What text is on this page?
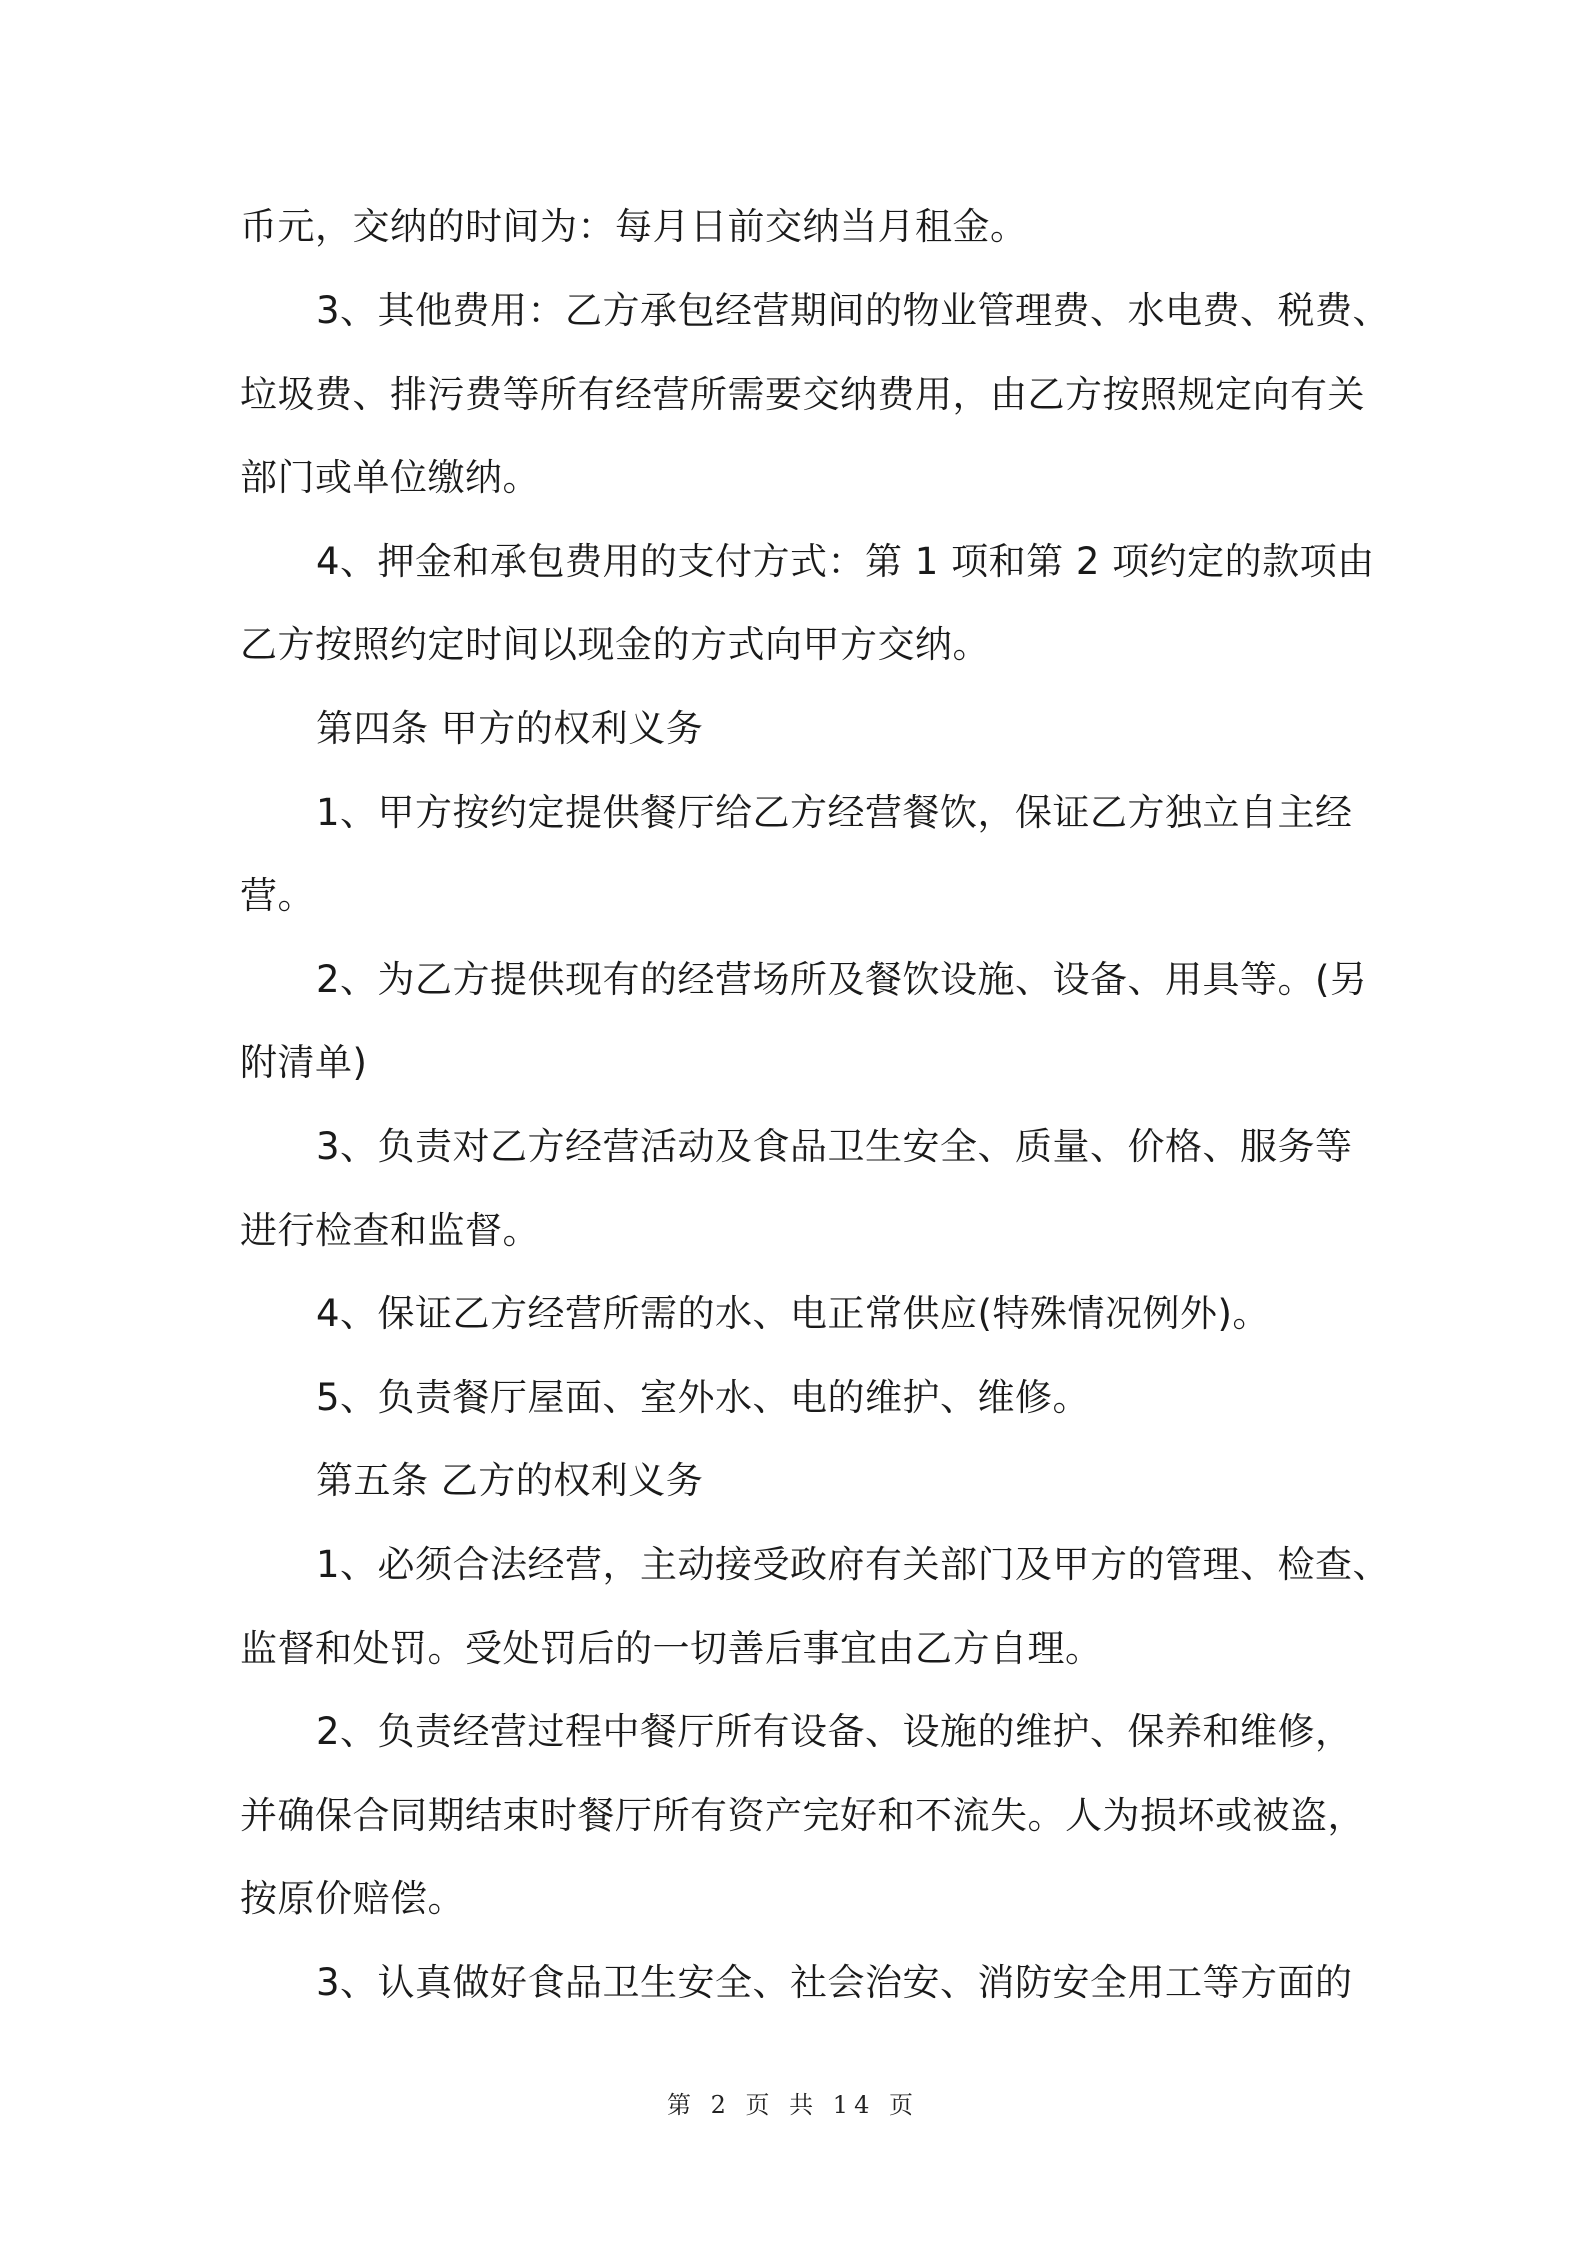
币元，交纳的时间为：每月日前交纳当月租金。
3、其他费用：乙方承包经营期间的物业管理费、水电费、税费、
垃圾费、排污费等所有经营所需要交纳费用，由乙方按照规定向有关
部门或单位缴纳。
4、押金和承包费用的支付方式：第 1 项和第 2 项约定的款项由
乙方按照约定时间以现金的方式向甲方交纳。
第四条 甲方的权利义务
1、甲方按约定提供餐厅给乙方经营餐饮，保证乙方独立自主经
营。
2、为乙方提供现有的经营场所及餐饮设施、设备、用具等。(另
附清单)
3、负责对乙方经营活动及食品卫生安全、质量、价格、服务等
进行检查和监督。
4、保证乙方经营所需的水、电正常供应(特殊情况例外)。
5、负责餐厅屋面、室外水、电的维护、维修。
第五条 乙方的权利义务
1、必须合法经营，主动接受政府有关部门及甲方的管理、检查、
监督和处罚。受处罚后的一切善后事宜由乙方自理。
2、负责经营过程中餐厅所有设备、设施的维护、保养和维修，
并确保合同期结束时餐厅所有资产完好和不流失。人为损坏或被盗，
按原价赔偿。
3、认真做好食品卫生安全、社会治安、消防安全用工等方面的
第 2 页 共 14 页
